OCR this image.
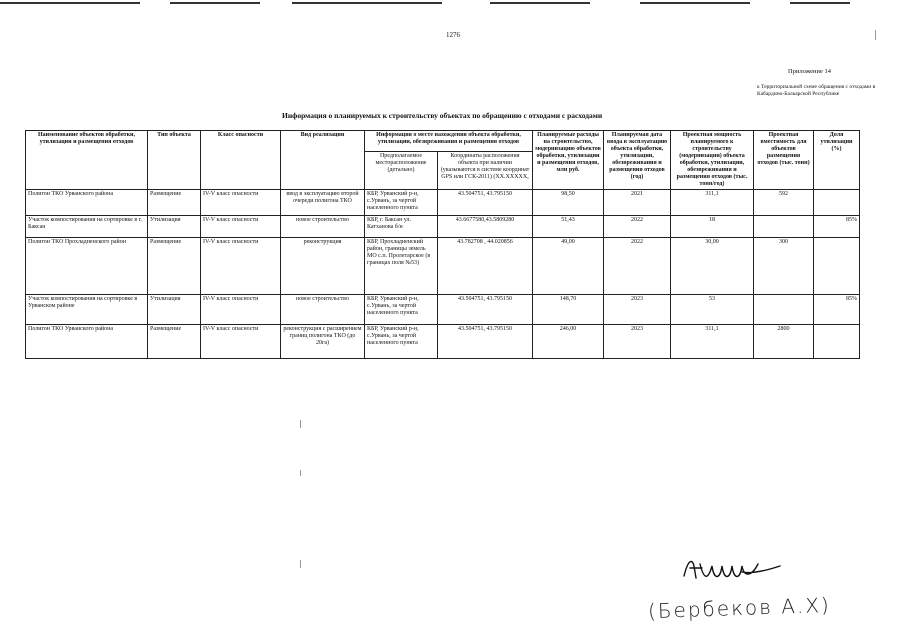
1276
Приложение 14
к Территориальной схеме обращения с отходами в Кабардино-Балкарской Республике
Информация о планируемых к строительству объектах по обращению с отходами с расходами
Наименование объектов обработки, утилизации и размещения отходов	Тип объекта	Класс опасности	Вид реализации	Информация о месте нахождения объекта обработки, утилизации, обезвреживания и размещения отходов		Планируемые расходы на строительство, модернизацию объектов обработки, утилизации и размещения отходов, млн руб.	Планируемая дата ввода в эксплуатацию объекта обработки, утилизации, обезвреживания и размещения отходов (год)	Проектная мощность планируемого к строительству (модернизации) объекта обработки, утилизации, обезвреживания и размещения отходов (тыс. тонн/год)	Проектная вместимость для объектов размещения отходов (тыс. тонн)	Доля утилизации (%)
				Предполагаемое месторасположение (детально)	Координаты расположения объекта при наличии (указываются в системе координат GPS или ГСК-2011) (XX.XXXXX,					
Полигон ТКО Урванского района	Размещение	IV-V класс опасности	ввод в эксплуатацию второй очереди полигона ТКО	КБР, Урванский р-н, с.Урвань, за чертой населенного пункта	43.504751, 43.795150	98,50	2021	311,1	592	
Участок компостирования на сортировке в г. Баксан	Утилизация	IV-V класс опасности	новое строительство	КБР, г. Баксан ул. Катханова б/н	43.6677580,43.5809280	51,43	2022	18		85%
Полигон ТКО Прохладненского район	Размещение	IV-V класс опасности	реконструкция	КБР, Прохладненский район, границы земель МО с.п. Пролетарское (в границах поля №53)	43.782708 , 44.020856	49,00	2022	30,00	300	
Участок компостирования на сортировке в Урванском районе	Утилизация	IV-V класс опасности	новое строительство	КБР, Урванский р-н, с.Урвань, за чертой населенного пункта	43.504751, 43.795150	148,70	2023	53		85%
Полигон ТКО Урванского района	Размещение	IV-V класс опасности	реконструкция с расширением границ полигона ТКО (до 20га)	КБР, Урванский р-н, с.Урвань, за чертой населенного пункта	43.504751, 43.795150	246,00	2023	311,1	2800	
(Бербеков А.Х)
